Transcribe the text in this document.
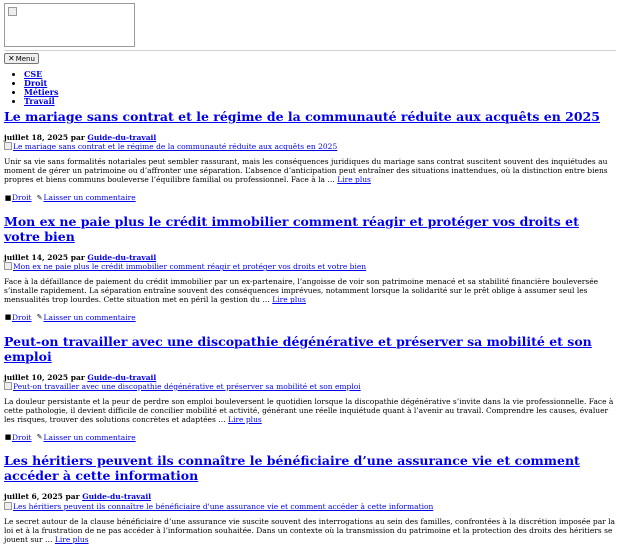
✕ Menu
• CSE
• Droit
• Métiers
• Travail
Le mariage sans contrat et le régime de la communauté réduite aux acquêts en 2025
juillet 18, 2025 par Guide-du-travail
Le mariage sans contrat et le régime de la communauté réduite aux acquêts en 2025

Unir sa vie sans formalités notariales peut sembler rassurant, mais les conséquences juridiques du mariage sans contrat suscitent souvent des inquiétudes au moment de gérer un patrimoine ou d’affronter une séparation. L’absence d’anticipation peut entraîner des situations inattendues, où la distinction entre biens propres et biens communs bouleverse l’équilibre familial ou professionnel. Face à la … Lire plus

■ Droit ✎ Laisser un commentaire
Mon ex ne paie plus le crédit immobilier comment réagir et protéger vos droits et votre bien
juillet 14, 2025 par Guide-du-travail
Mon ex ne paie plus le crédit immobilier comment réagir et protéger vos droits et votre bien

Face à la défaillance de paiement du crédit immobilier par un ex-partenaire, l’angoisse de voir son patrimoine menacé et sa stabilité financière bouleversée s’installe rapidement. La séparation entraîne souvent des conséquences imprévues, notamment lorsque la solidarité sur le prêt oblige à assumer seul les mensualités trop lourdes. Cette situation met en péril la gestion du … Lire plus

■ Droit ✎ Laisser un commentaire
Peut-on travailler avec une discopathie dégénérative et préserver sa mobilité et son emploi
juillet 10, 2025 par Guide-du-travail
Peut-on travailler avec une discopathie dégénérative et préserver sa mobilité et son emploi

La douleur persistante et la peur de perdre son emploi bouleversent le quotidien lorsque la discopathie dégénérative s’invite dans la vie professionnelle. Face à cette pathologie, il devient difficile de concilier mobilité et activité, générant une réelle inquiétude quant à l’avenir au travail. Comprendre les causes, évaluer les risques, trouver des solutions concrètes et adaptées … Lire plus

■ Droit ✎ Laisser un commentaire
Les héritiers peuvent ils connaître le bénéficiaire d’une assurance vie et comment accéder à cette information
juillet 6, 2025 par Guide-du-travail
Les héritiers peuvent ils connaître le bénéficiaire d'une assurance vie et comment accéder à cette information

Le secret autour de la clause bénéficiaire d’une assurance vie suscite souvent des interrogations au sein des familles, confrontées à la discrétion imposée par la loi et à la frustration de ne pas accéder à l’information souhaitée. Dans un contexte où la transmission du patrimoine et la protection des droits des héritiers se jouent sur … Lire plus
